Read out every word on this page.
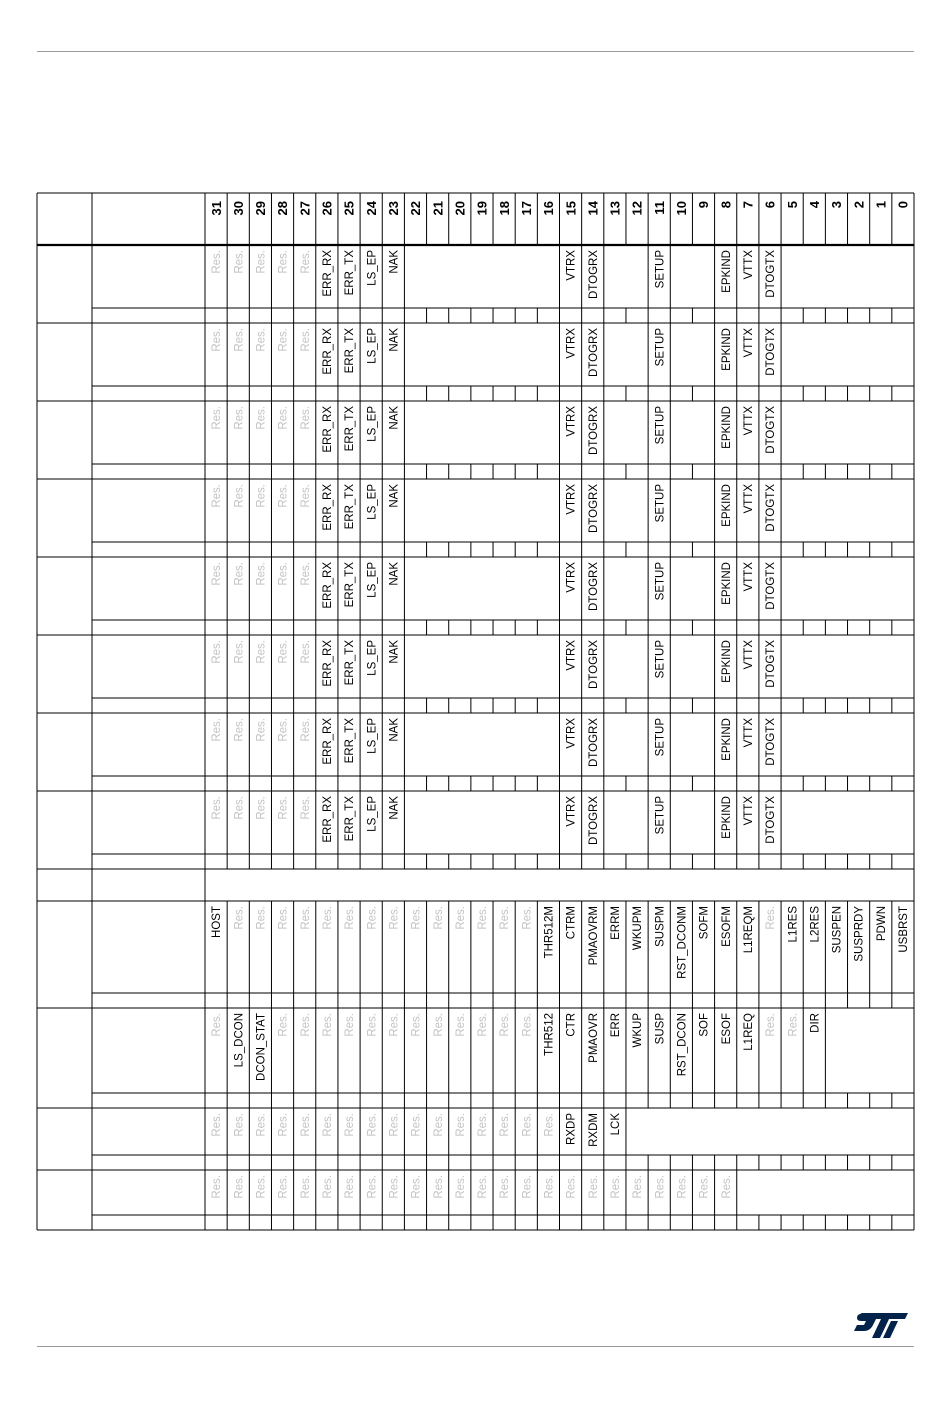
31 30 29 28 27 26 25 24 23 22 21 20 19 18 17 16 15 14 13 12 11 10 9 8 7 6 5 4 3 2 1 0
Res. Res. Res. Res. Res. ERR_RX ERR_TX LS_EP NAK	VTRX DTOGRX	SETUP	EPKIND VTTX DTOGTX
Res. Res. Res. Res. Res. ERR_RX ERR_TX LS_EP NAK	VTRX DTOGRX	SETUP	EPKIND VTTX DTOGTX
Res. Res. Res. Res. Res. ERR_RX ERR_TX LS_EP NAK	VTRX DTOGRX	SETUP	EPKIND VTTX DTOGTX
Res. Res. Res. Res. Res. ERR_RX ERR_TX LS_EP NAK	VTRX DTOGRX	SETUP	EPKIND VTTX DTOGTX
Res. Res. Res. Res. Res. ERR_RX ERR_TX LS_EP NAK	VTRX DTOGRX	SETUP	EPKIND VTTX DTOGTX
Res. Res. Res. Res. Res. ERR_RX ERR_TX LS_EP NAK	VTRX DTOGRX	SETUP	EPKIND VTTX DTOGTX
Res. Res. Res. Res. Res. ERR_RX ERR_TX LS_EP NAK	VTRX DTOGRX	SETUP	EPKIND VTTX DTOGTX
Res. Res. Res. Res. Res. ERR_RX ERR_TX LS_EP NAK	VTRX DTOGRX	SETUP	EPKIND VTTX DTOGTX
HOST Res. Res. Res. Res. Res. Res. Res. Res. Res. Res. Res. Res. Res. Res. THR512M CTRM PMAOVRM ERRM WKUPM SUSPM RST_DCONM SOFM ESOFM L1REQM Res. L1RES L2RES SUSPEN SUSPRDY PDWN USBRST
Res. LS_DCON DCON_STAT Res. Res. Res. Res. Res. Res. Res. Res. Res. Res. Res. Res. THR512 CTR PMAOVR ERR WKUP SUSP RST_DCON SOF ESOF L1REQ Res. Res. DIR
Res. Res. Res. Res. Res. Res. Res. Res. Res. Res. Res. Res. Res. Res. Res. Res. RXDP RXDM LCK
Res. Res. Res. Res. Res. Res. Res. Res. Res. Res. Res. Res. Res. Res. Res. Res. Res. Res. Res. Res. Res. Res. Res. Res.
